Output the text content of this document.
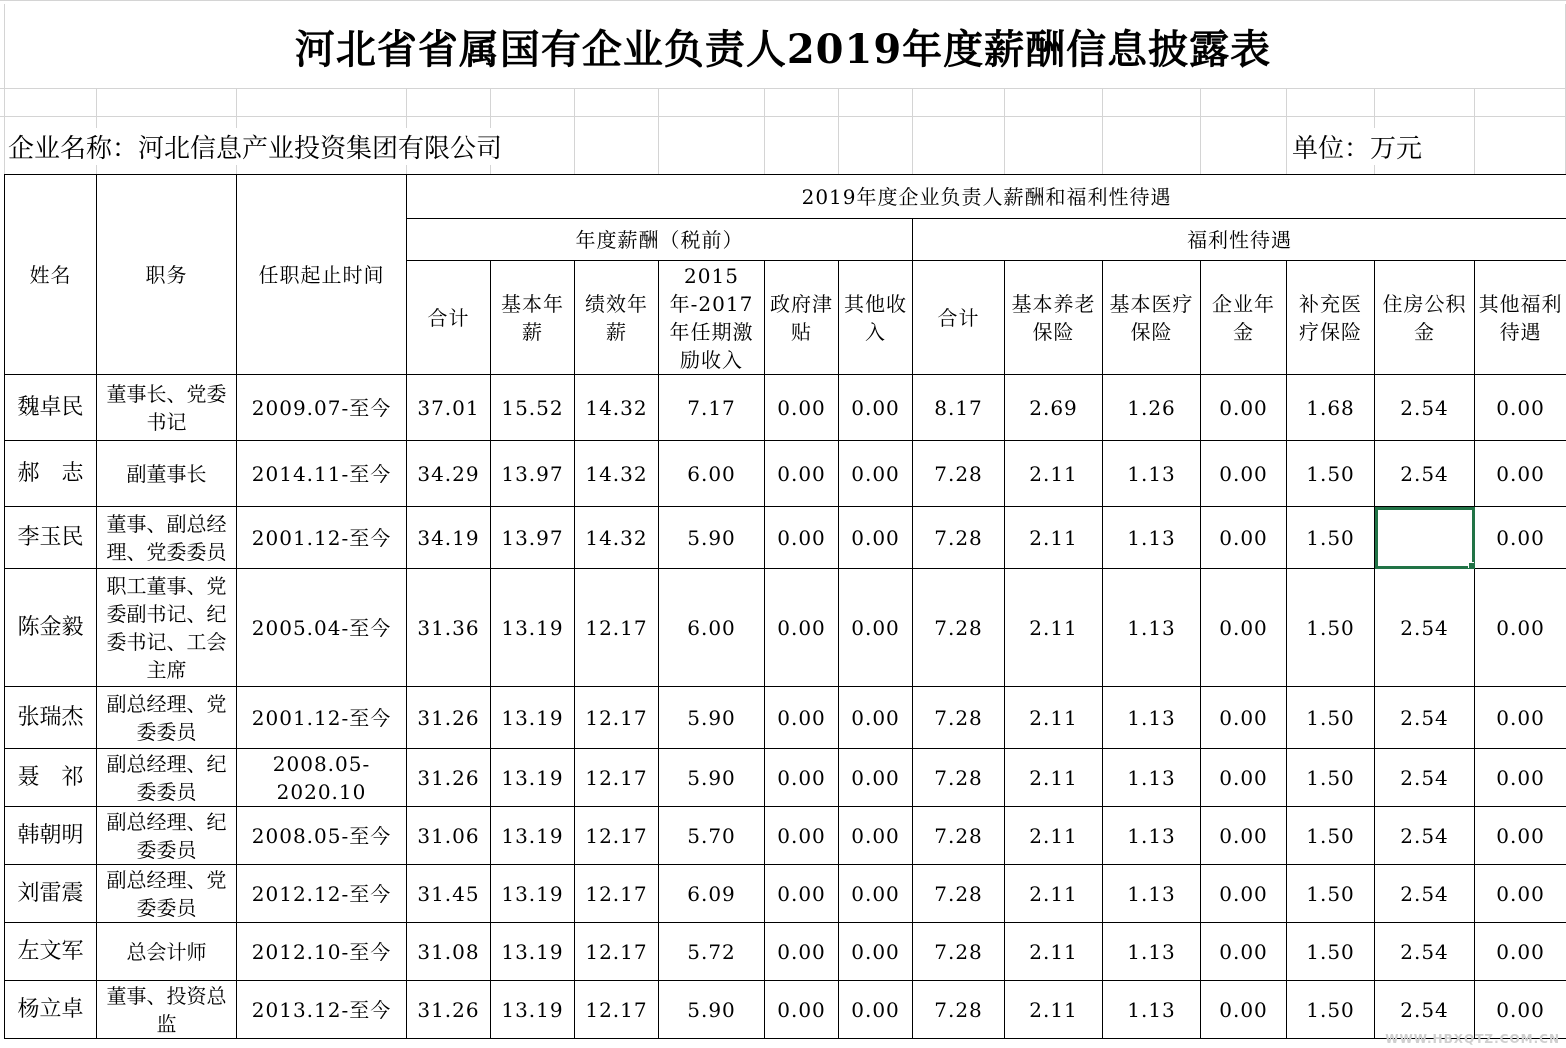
河北省省属国有企业负责人2019年度薪酬信息披露表
企业名称：河北信息产业投资集团有限公司	单位：万元
姓名	职务	任职起止时间	2019年度企业负责人薪酬和福利性待遇												
			年度薪酬（税前）						福利性待遇						
			合计	基本年薪	绩效年薪	2015年-2017年任期激励收入	政府津贴	其他收入	合计	基本养老保险	基本医疗保险	企业年金	补充医疗保险	住房公积金	其他福利待遇
魏卓民	董事长、党委书记	2009.07-至今	37.01	15.52	14.32	7.17	0.00	0.00	8.17	2.69	1.26	0.00	1.68	2.54	0.00
郝　志	副董事长	2014.11-至今	34.29	13.97	14.32	6.00	0.00	0.00	7.28	2.11	1.13	0.00	1.50	2.54	0.00
李玉民	董事、副总经理、党委委员	2001.12-至今	34.19	13.97	14.32	5.90	0.00	0.00	7.28	2.11	1.13	0.00	1.50		0.00
陈金毅	职工董事、党委副书记、纪委书记、工会主席	2005.04-至今	31.36	13.19	12.17	6.00	0.00	0.00	7.28	2.11	1.13	0.00	1.50	2.54	0.00
张瑞杰	副总经理、党委委员	2001.12-至今	31.26	13.19	12.17	5.90	0.00	0.00	7.28	2.11	1.13	0.00	1.50	2.54	0.00
聂　祁	副总经理、纪委委员	2008.05-2020.10	31.26	13.19	12.17	5.90	0.00	0.00	7.28	2.11	1.13	0.00	1.50	2.54	0.00
韩朝明	副总经理、纪委委员	2008.05-至今	31.06	13.19	12.17	5.70	0.00	0.00	7.28	2.11	1.13	0.00	1.50	2.54	0.00
刘雷震	副总经理、党委委员	2012.12-至今	31.45	13.19	12.17	6.09	0.00	0.00	7.28	2.11	1.13	0.00	1.50	2.54	0.00
左文军	总会计师	2012.10-至今	31.08	13.19	12.17	5.72	0.00	0.00	7.28	2.11	1.13	0.00	1.50	2.54	0.00
杨立卓	董事、投资总监	2013.12-至今	31.26	13.19	12.17	5.90	0.00	0.00	7.28	2.11	1.13	0.00	1.50	2.54	0.00
WWW.HBXQTZ.COM.CN
